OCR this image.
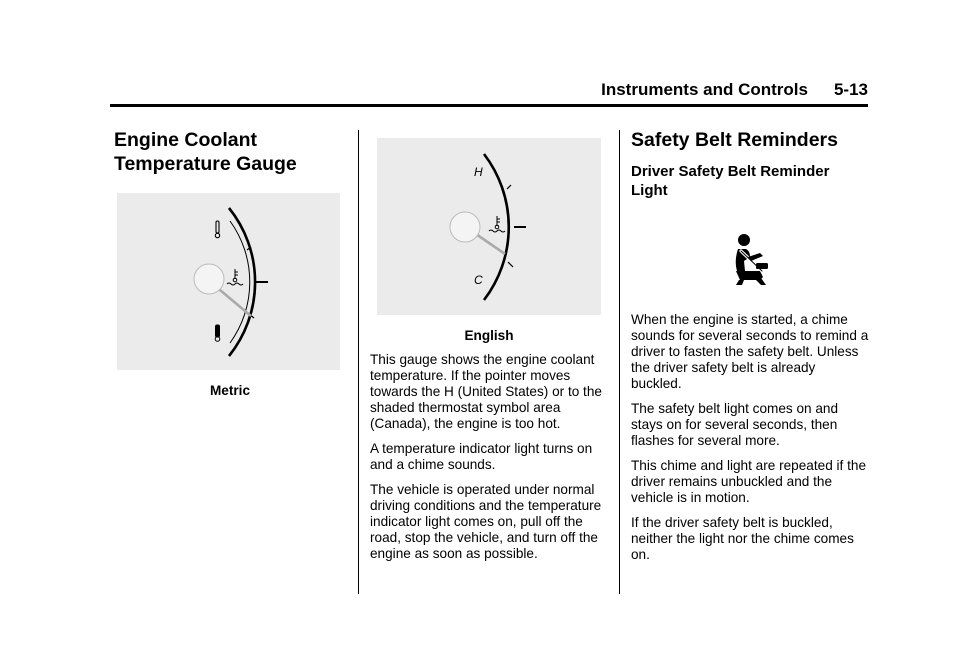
Instruments and Controls 5-13
Engine Coolant
Temperature Gauge
Metric
H
C
English

This gauge shows the engine coolant temperature. If the pointer moves towards the H (United States) or to the shaded thermostat symbol area (Canada), the engine is too hot.

A temperature indicator light turns on and a chime sounds.

The vehicle is operated under normal driving conditions and the temperature indicator light comes on, pull off the road, stop the vehicle, and turn off the engine as soon as possible.

Safety Belt Reminders
Driver Safety Belt Reminder
Light

When the engine is started, a chime sounds for several seconds to remind a driver to fasten the safety belt. Unless the driver safety belt is already buckled.

The safety belt light comes on and stays on for several seconds, then flashes for several more.

This chime and light are repeated if the driver remains unbuckled and the vehicle is in motion.

If the driver safety belt is buckled, neither the light nor the chime comes on.
